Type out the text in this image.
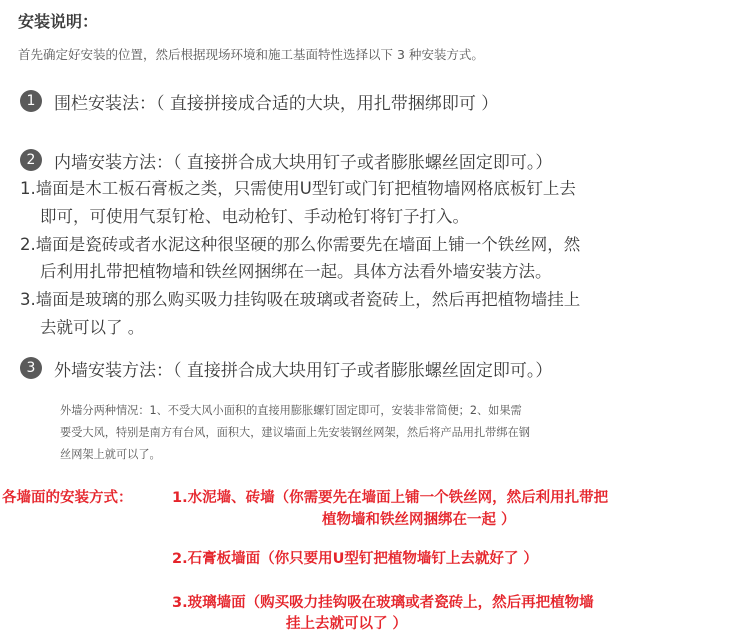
安装说明：
首先确定好安装的位置，然后根据现场环境和施工基面特性选择以下 3 种安装方式。
1	围栏安装法：（ 直接拼接成合适的大块，用扎带捆绑即可 ）
2	内墙安装方法：（ 直接拼合成大块用钉子或者膨胀螺丝固定即可。）
1.墙面是木工板石膏板之类，只需使用U型钉或门钉把植物墙网格底板钉上去
即可，可使用气泵钉枪、电动枪钉、手动枪钉将钉子打入。
2.墙面是瓷砖或者水泥这种很坚硬的那么你需要先在墙面上铺一个铁丝网，然
后利用扎带把植物墙和铁丝网捆绑在一起。具体方法看外墙安装方法。
3.墙面是玻璃的那么购买吸力挂钩吸在玻璃或者瓷砖上，然后再把植物墙挂上
去就可以了 。
3	外墙安装方法：（ 直接拼合成大块用钉子或者膨胀螺丝固定即可。）
外墙分两种情况：1、不受大风小面积的直接用膨胀螺钉固定即可，安装非常简便；2、如果需
要受大风，特别是南方有台风，面积大，建议墙面上先安装钢丝网架，然后将产品用扎带绑在钢
丝网架上就可以了。
各墙面的安装方式：	1.水泥墙、砖墙（你需要先在墙面上铺一个铁丝网，然后利用扎带把
植物墙和铁丝网捆绑在一起 ）
2.石膏板墙面（你只要用U型钉把植物墙钉上去就好了 ）
3.玻璃墙面（购买吸力挂钩吸在玻璃或者瓷砖上，然后再把植物墙
挂上去就可以了 ）
